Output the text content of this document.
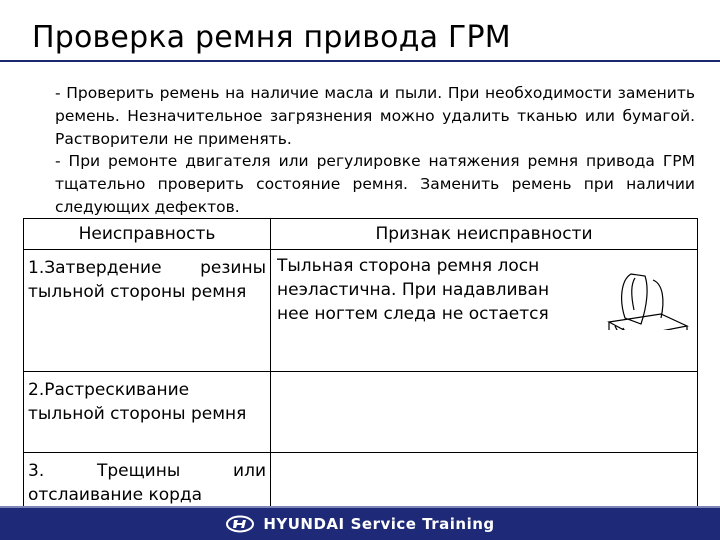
Проверка ремня привода ГРМ
- Проверить ремень на наличие масла и пыли. При необходимости заменить ремень. Незначительное загрязнения можно удалить тканью или бумагой. Растворители не применять.
- При ремонте двигателя или регулировке натяжения ремня привода ГРМ тщательно проверить состояние ремня. Заменить ремень при наличии следующих дефектов.
Неисправность	Признак неисправности

1.Затвердение резины тыльной стороны ремня	Тыльная сторона ремня лосн
неэластична. При надавливан
нее ногтем следа не остается

2.Растрескивание тыльной стороны ремня

3. Трещины или отслаивание корда

HYUNDAI Service Training
